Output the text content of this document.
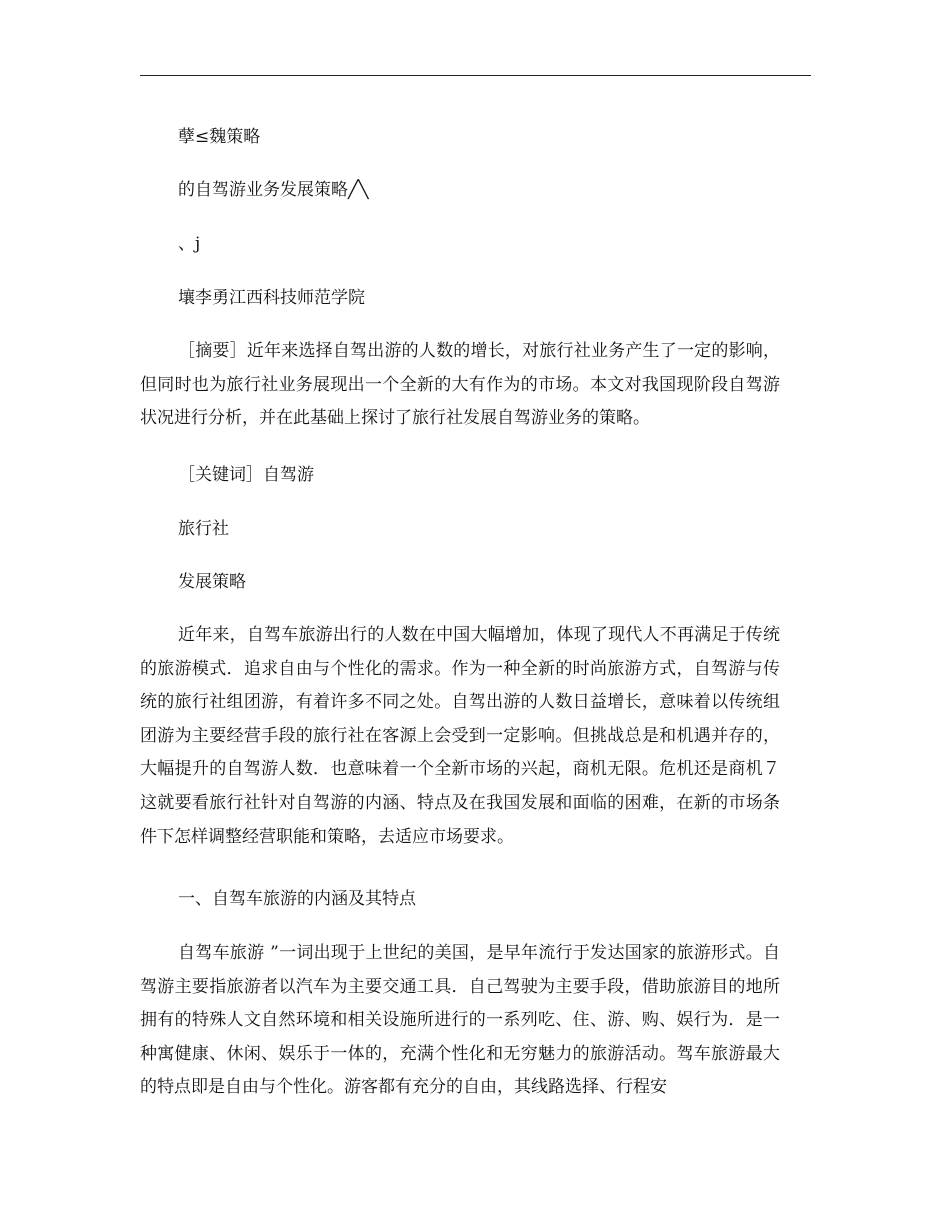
孽≤魏策略
的自驾游业务发展策略╱╲
、j
壤李勇江西科技师范学院

［摘要］近年来选择自驾出游的人数的增长，对旅行社业务产生了一定的影响，但同时也为旅行社业务展现出一个全新的大有作为的市场。本文对我国现阶段自驾游状况进行分析，并在此基础上探讨了旅行社发展自驾游业务的策略。

［关键词］自驾游
旅行社
发展策略

近年来，自驾车旅游出行的人数在中国大幅增加，体现了现代人不再满足于传统的旅游模式．追求自由与个性化的需求。作为一种全新的时尚旅游方式，自驾游与传统的旅行社组团游，有着许多不同之处。自驾出游的人数日益增长，意味着以传统组团游为主要经营手段的旅行社在客源上会受到一定影响。但挑战总是和机遇并存的，大幅提升的自驾游人数．也意味着一个全新市场的兴起，商机无限。危机还是商机７这就要看旅行社针对自驾游的内涵、特点及在我国发展和面临的困难，在新的市场条件下怎样调整经营职能和策略，去适应市场要求。

一、自驾车旅游的内涵及其特点

自驾车旅游 ”一词出现于上世纪的美国，是早年流行于发达国家的旅游形式。自驾游主要指旅游者以汽车为主要交通工具．自己驾驶为主要手段，借助旅游目的地所拥有的特殊人文自然环境和相关设施所进行的一系列吃、住、游、购、娱行为．是一种寓健康、休闲、娱乐于一体的，充满个性化和无穷魅力的旅游活动。驾车旅游最大的特点即是自由与个性化。游客都有充分的自由，其线路选择、行程安
